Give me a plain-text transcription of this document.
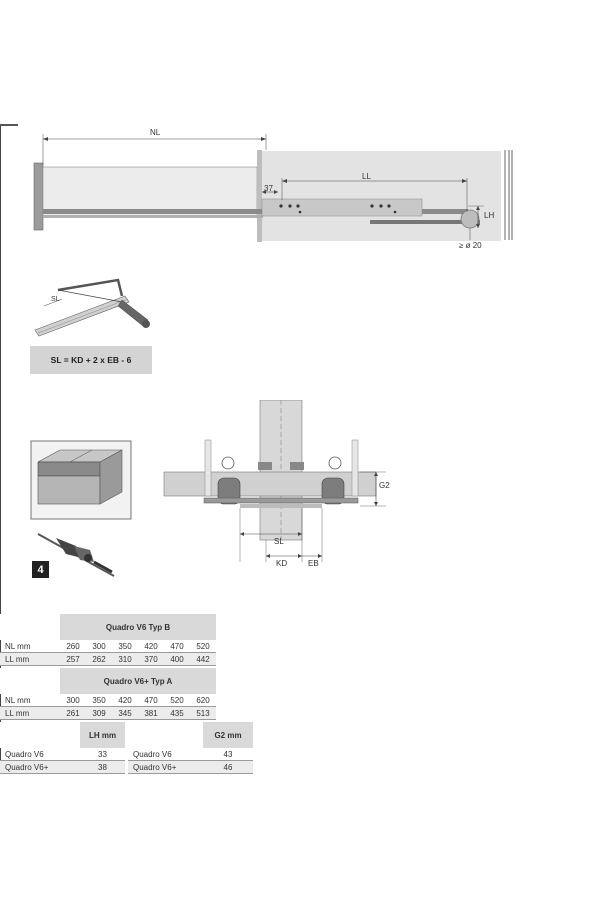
NL
LL
37
LH
≥ ø 20
SL
SL = KD + 2 x EB - 6
4
G2
SL
KD	EB
	Quadro V6 Typ B					
NL mm	260	300	350	420	470	520
LL mm	257	262	310	370	400	442
	Quadro V6+ Typ A					
NL mm	300	350	420	470	520	620
LL mm	261	309	345	381	435	513
	LH mm
Quadro V6	33
Quadro V6+	38
	G2 mm
Quadro V6	43
Quadro V6+	46
